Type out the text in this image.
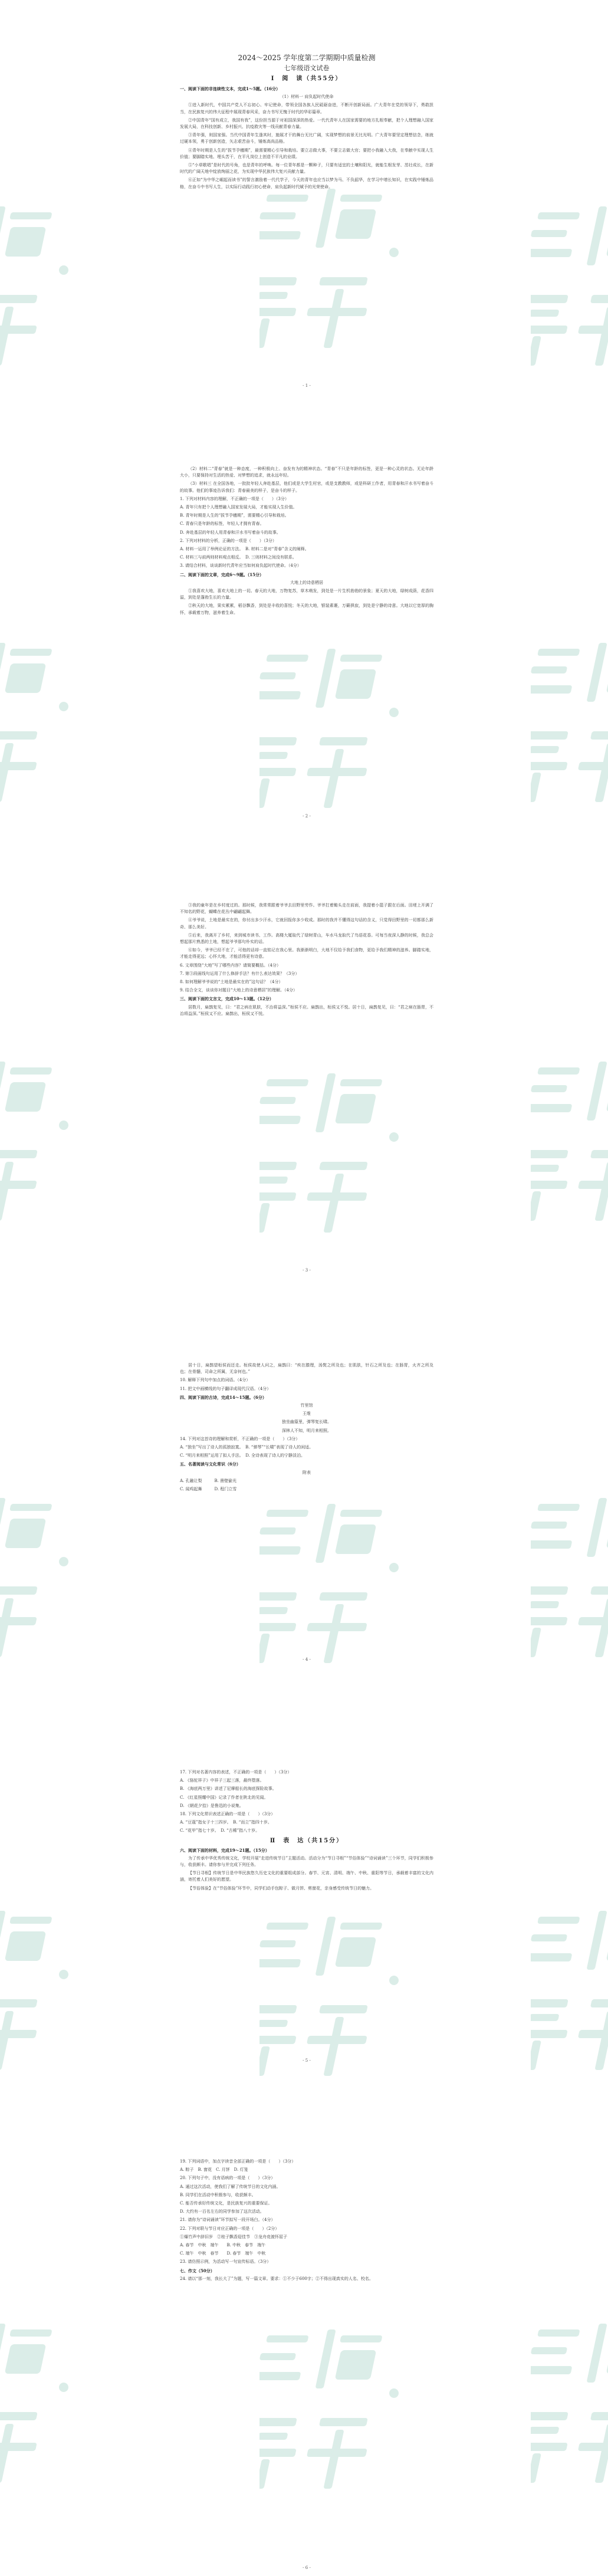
2024～2025 学年度第二学期期中质量检测
七年级语文试卷
Ⅰ　阅　读（共55分）

一、阅读下面的非连续性文本，完成1～5题。（16分）

（1）材料一 肩负起时代使命

①进入新时代，中国共产党人不忘初心、牢记使命，带领全国各族人民砥砺奋进，不断开创新局面。广大青年在党的领导下，勇敢担当，在民族复兴的伟大征程中展现青春风采，奋力书写无愧于时代的华彩篇章。

②中国青年“国有成立，我国有我”，这份担当源于对祖国深深的热爱。一代代青年人在国家需要的地方扎根奉献，把个人理想融入国家发展大局，在科技创新、乡村振兴、抗疫救灾等一线贡献青春力量。

③青年强，则国家强。当代中国青年生逢其时，施展才干的舞台无比广阔，实现梦想的前景无比光明。广大青年要坚定理想信念，练就过硬本领，勇于创新创造，矢志艰苦奋斗，锤炼高尚品格。

④青年时期是人生的“拔节孕穗期”，最需要精心引导和栽培。要立志做大事，不要立志做大官；要把小我融入大我，在奉献中实现人生价值；要脚踏实地、埋头苦干，在平凡岗位上创造不平凡的业绩。

⑤“小草歌唱”是时代的号角，也是青年的呼唤。每一位青年都是一颗种子，只要有适宜的土壤和阳光，就能生根发芽、茁壮成长，在新时代的广阔天地中绽放绚丽之花，为实现中华民族伟大复兴贡献力量。

⑥正如“为中华之崛起而读书”的誓言激励着一代代学子，今天的青年也应当以梦为马、不负韶华，在学习中增长知识，在实践中锤炼品格，在奋斗中书写人生，以实际行动践行初心使命，肩负起新时代赋予的光荣使命。

- 1 -

（2）材料二“青春”就是一种态度，一种积极向上、奋发有为的精神状态。“青春”不只是年龄的标签，更是一种心灵的状态。无论年龄大小，只要保持对生活的热爱、对梦想的追求，就永远年轻。

（3）材料三 在全国各地，一批批年轻人奔赴基层，他们或是大学生村官，或是支教教师，或是科研工作者，用青春和汗水书写着奋斗的故事。他们的事迹告诉我们：青春最美的样子，是奋斗的样子。

1. 下列对材料内容的理解，不正确的一项是（　　）（3分）

A. 青年只有把个人理想融入国家发展大局，才能实现人生价值。

B. 青年时期是人生的“拔节孕穗期”，需要精心引导和栽培。

C. 青春只是年龄的标签，年轻人才拥有青春。

D. 奔赴基层的年轻人用青春和汗水书写着奋斗的故事。

2. 下列对材料的分析，正确的一项是（　　）（3分）

A. 材料一运用了举例论证的方法。　B. 材料二是对“青春”含义的阐释。

C. 材料三与前两则材料观点相反。　D. 三则材料之间没有联系。

3. 请结合材料，谈谈新时代青年应当如何肩负起时代使命。（4分）

二、阅读下面的文章，完成6～9题。（15分）

大地上的诗意栖居

①我喜欢大地，喜欢大地上的一切。春天的大地，万物复苏，草木萌发，到处是一片生机勃勃的景象；夏天的大地，绿树成荫，花香四溢，到处是蓬勃生长的力量。

②秋天的大地，果实累累，稻谷飘香，到处是丰收的喜悦；冬天的大地，银装素裹，万籁俱寂，到处是宁静的诗意。大地以它宽厚的胸怀，承载着万物，滋养着生命。

- 2 -

③我的童年是在乡村度过的。那时候，我常常跟着爷爷去田野里劳作。爷爷扛着锄头走在前面，我提着小篮子跟在后面。田埂上开满了不知名的野花，蝴蝶在花丛中翩翩起舞。

④爷爷说，土地是最实在的，你付出多少汗水，它就回报你多少收成。那时的我并不懂得这句话的含义，只觉得田野里的一切都那么新奇、那么美好。

⑤后来，我离开了乡村，来到城市读书、工作。高楼大厦取代了绿树青山，车水马龙取代了鸟语花香。可每当夜深人静的时候，我总会想起那片熟悉的土地，想起爷爷那句朴实的话。

⑥如今，爷爷已经不在了，可他的话却一直铭记在我心里。我渐渐明白，大地不仅给予我们食物，更给予我们精神的滋养。脚踏实地，才能走得更远；心怀大地，才能活得更有诗意。

6. 文章围绕“大地”写了哪些内容？请简要概括。（4分）

7. 第③段画线句运用了什么修辞手法？有什么表达效果？（3分）

8. 如何理解爷爷说的“土地是最实在的”这句话？（4分）

9. 结合全文，谈谈你对题目“大地上的诗意栖居”的理解。（4分）

三、阅读下面的文言文，完成10～13题。（12分）

居数月，扁鹊复见，曰：“君之病在肌肤，不治将益深。”桓侯不应。扁鹊出，桓侯又不悦。居十日，扁鹊复见，曰：“君之病在肠胃，不治将益深。”桓侯又不应。扁鹊出，桓侯又不悦。

- 3 -

居十日，扁鹊望桓侯而还走。桓侯故使人问之，扁鹊曰：“疾在腠理，汤熨之所及也；在肌肤，针石之所及也；在肠胃，火齐之所及也；在骨髓，司命之所属，无奈何也。”

10. 解释下列句中加点的词语。（4分）

11. 把文中画横线的句子翻译成现代汉语。（4分）

四、阅读下面的古诗，完成14～15题。（6分）

竹里馆

王维

独坐幽篁里，弹琴复长啸。

深林人不知，明月来相照。

14. 下列对这首诗的理解和赏析，不正确的一项是（　　）（3分）

A. “独坐”写出了诗人的孤独寂寞。　B. “弹琴”“长啸”表现了诗人的闲适。

C. “明月来相照”运用了拟人手法。　D. 全诗表现了诗人的宁静淡泊。

五、名著阅读与文化常识（6分）

附表

A. 孔融让梨　　　B. 凿壁偷光

C. 闻鸡起舞　　　D. 程门立雪

- 4 -

17. 下列对名著内容的表述，不正确的一项是（　　）（3分）

A. 《骆驼祥子》中祥子三起三落，最终堕落。

B. 《海底两万里》讲述了尼摩船长的海底探险故事。

C. 《红星照耀中国》记录了作者在陕北的见闻。

D. 《朝花夕拾》是鲁迅的小说集。

18. 下列文化常识表述正确的一项是（　　）（3分）

A. “豆蔻”指女子十三四岁。　B. “而立”指四十岁。

C. “花甲”指七十岁。　D. “古稀”指八十岁。

Ⅱ　表　达（共15分）

六、阅读下面的材料，完成19～21题。（15分）

为了传承中华优秀传统文化，学校开展“走进传统节日”主题活动。活动分为“节日寻根”“节俗体验”“诗词诵读”三个环节，同学们积极参与，收获颇丰。请你参与并完成下列任务。

【节日寻根】传统节日是中华民族悠久历史文化的重要组成部分。春节、元宵、清明、端午、中秋、重阳等节日，承载着丰富的文化内涵，寄托着人们美好的愿望。

【节俗体验】在“节俗体验”环节中，同学们动手包粽子、做月饼、剪窗花，亲身感受传统节日的魅力。

- 5 -

19. 下列词语中，加点字读音全部正确的一项是（　　）（3分）

A. 粽子　B. 窗花　C. 月饼　D. 灯笼

20. 下列句子中，没有语病的一项是（　　）（3分）

A. 通过这次活动，使我们了解了传统节日的文化内涵。

B. 同学们在活动中积极参与，收获颇丰。

C. 能否传承好传统文化，是民族复兴的重要保证。

D. 大约有一百名左右的同学参加了这次活动。

21. 请你为“诗词诵读”环节拟写一段开场白。（4分）

22. 下列对联与节日对应正确的一项是（　　）（2分）

①爆竹声中辞旧岁　②桂子飘香迎佳节　③龙舟竞渡怀屈子

A. 春节　中秋　端午　　B. 中秋　春节　端午

C. 端午　中秋　春节　　D. 春节　端午　中秋

23. 请仿照示例，为活动写一句宣传标语。（3分）

七、作文（50分）

24. 请以“那一刻，我长大了”为题，写一篇文章。要求：①不少于600字；②不得出现真实的人名、校名。

- 6 -
